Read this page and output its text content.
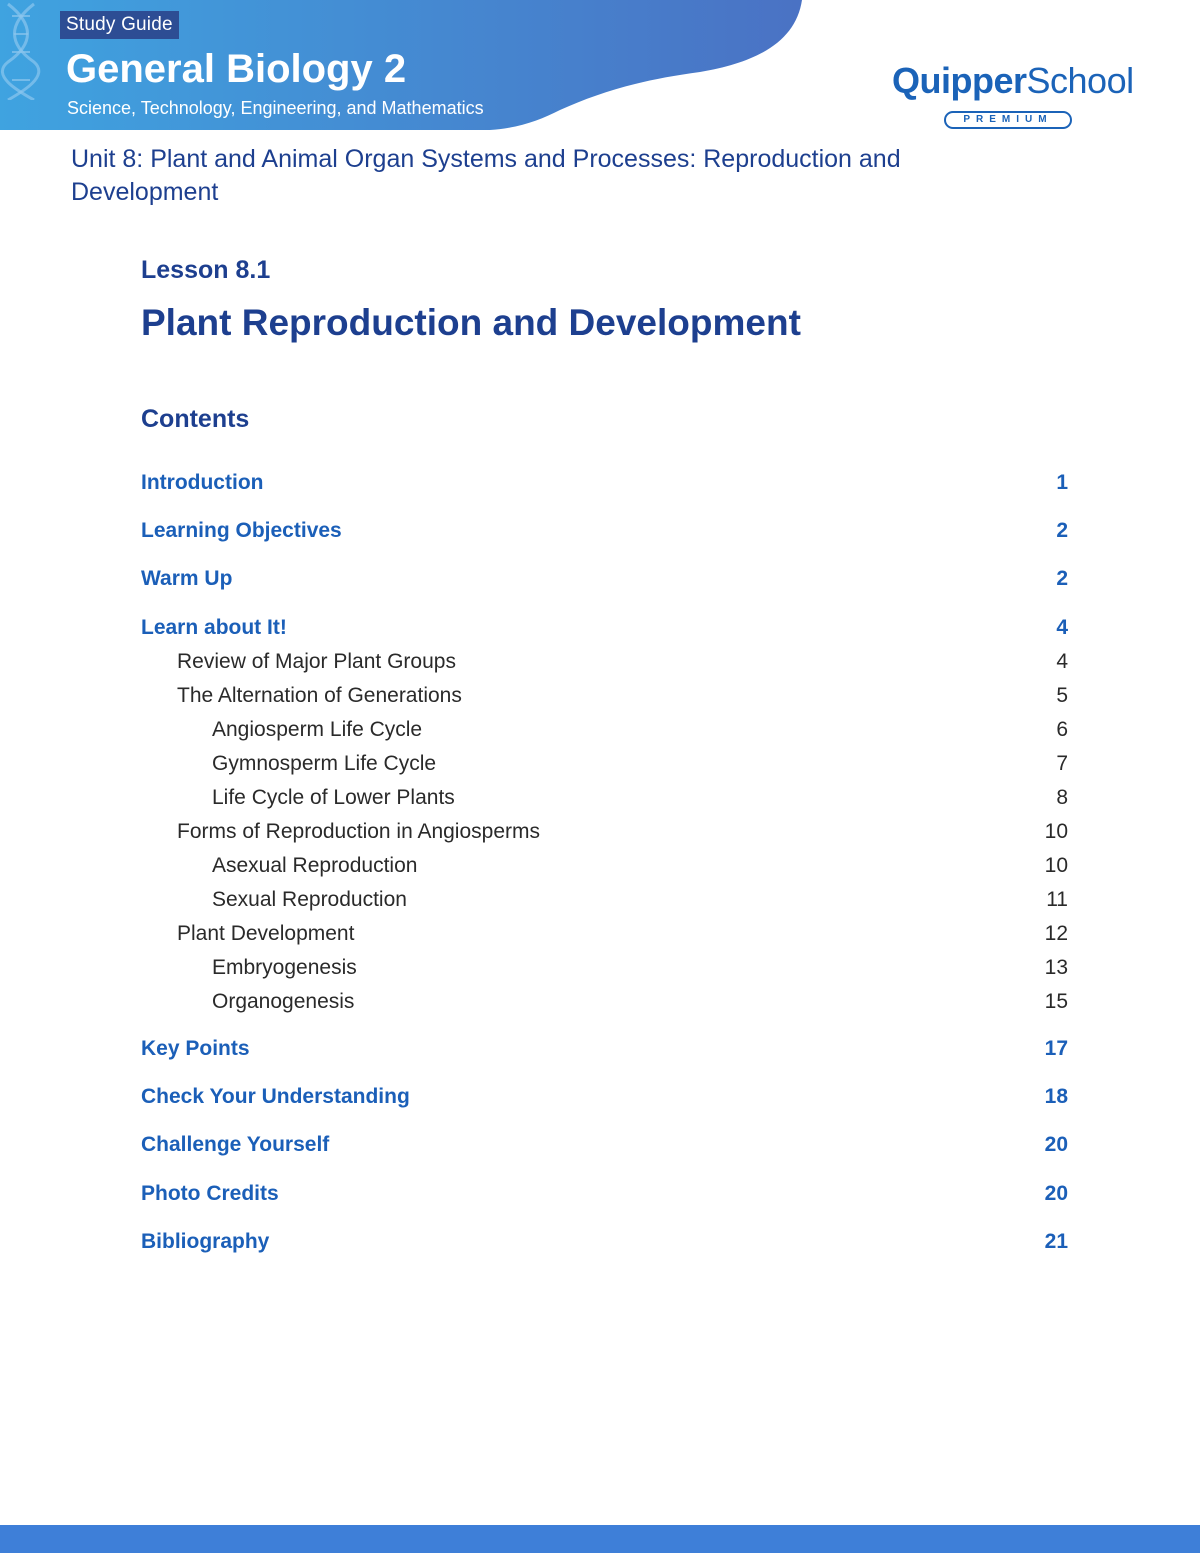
Study Guide
General Biology 2
Science, Technology, Engineering, and Mathematics
QuipperSchool
PREMIUM
Unit 8: Plant and Animal Organ Systems and Processes: Reproduction and Development
Lesson 8.1
Plant Reproduction and Development
Contents
Introduction	1
Learning Objectives	2
Warm Up	2
Learn about It!	4
Review of Major Plant Groups	4
The Alternation of Generations	5
Angiosperm Life Cycle	6
Gymnosperm Life Cycle	7
Life Cycle of Lower Plants	8
Forms of Reproduction in Angiosperms	10
Asexual Reproduction	10
Sexual Reproduction	11
Plant Development	12
Embryogenesis	13
Organogenesis	15
Key Points	17
Check Your Understanding	18
Challenge Yourself	20
Photo Credits	20
Bibliography	21
